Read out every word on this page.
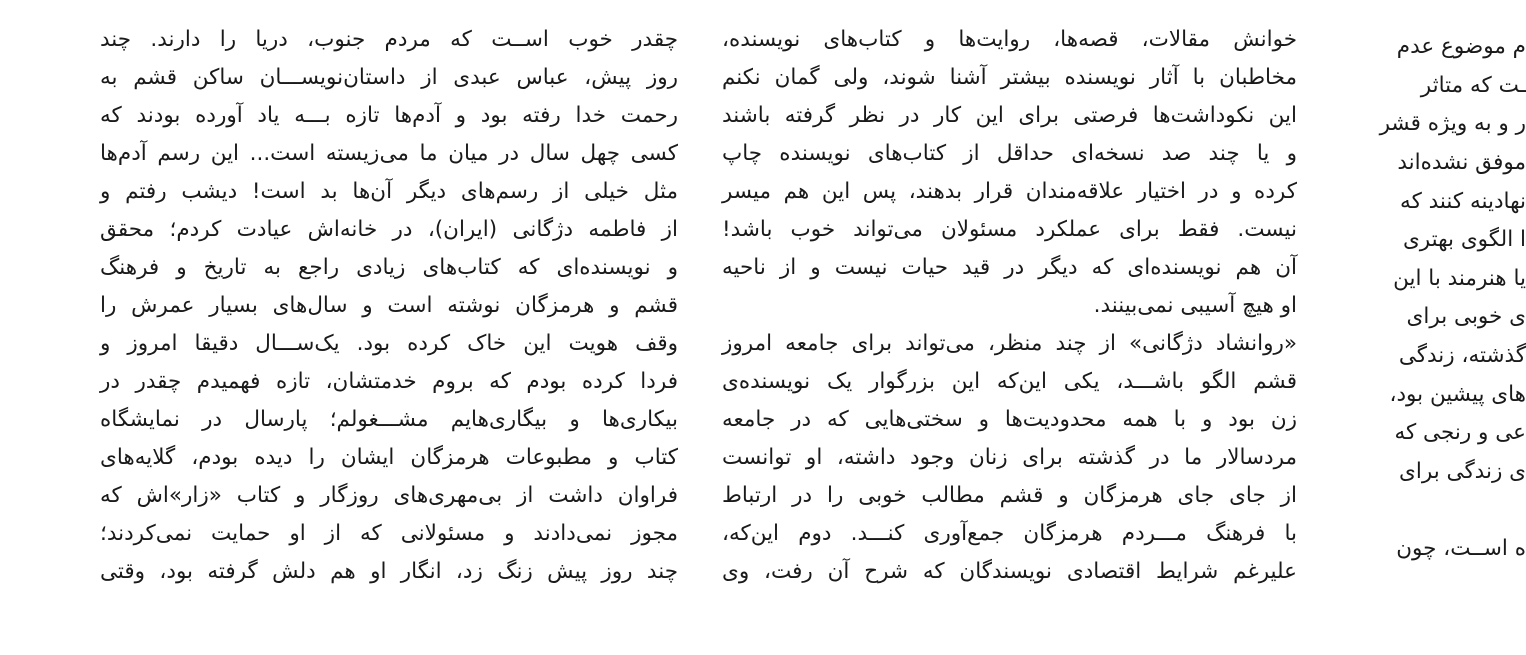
چقدر خوب اســت که مردم جنوب، دریا را دارند. چند
روز پیش، عباس عبدی از داستان‌نویســـان ساکن قشم به
رحمت خدا رفته بود و آدم‌ها تازه بـــه یاد آورده بودند که
کسی چهل سال در میان ما می‌زیسته است... این رسم آدم‌ها
مثل خیلی از رسم‌های دیگر آن‌ها بد است! دیشب رفتم و
از فاطمه دژگانی (ایران)، در خانه‌اش عیادت کردم؛ محقق
و نویسنده‌ای که کتاب‌های زیادی راجع به تاریخ و فرهنگ
قشم و هرمزگان نوشته است و سال‌های بسیار عمرش را
وقف هویت این خاک کرده بود. یک‌ســـال دقیقا امروز و
فردا کرده بودم که بروم خدمتشان، تازه فهمیدم چقدر در
بیکاری‌ها و بیگاری‌هایم مشـــغولم؛ پارسال در نمایشگاه
کتاب و مطبوعات هرمزگان ایشان را دیده بودم، گلایه‌های
فراوان داشت از بی‌مهری‌های روزگار و کتاب «زار»اش که
مجوز نمی‌دادند و مسئولانی که از او حمایت نمی‌کردند؛
چند روز پیش زنگ زد، انگار او هم دلش گرفته بود، وقتی
خوانش مقالات، قصه‌ها، روایت‌ها و کتاب‌های نویسنده،
مخاطبان با آثار نویسنده بیشتر آشنا شوند، ولی گمان نکنم
این نکوداشت‌ها فرصتی برای این کار در نظر گرفته باشند
و یا چند صد نسخه‌ای حداقل از کتاب‌های نویسنده چاپ
کرده و در اختیار علاقه‌مندان قرار بدهند، پس این هم میسر
نیست. فقط برای عملکرد مسئولان می‌تواند خوب باشد!
آن هم نویسنده‌ای که دیگر در قید حیات نیست و از ناحیه
او هیچ آسیبی نمی‌بینند.
«روانشاد دژگانی» از چند منظر، می‌تواند برای جامعه امروز
قشم الگو باشـــد، یکی این‌که این بزرگوار یک نویسنده‌ی
زن بود و با همه محدودیت‌ها و سختی‌هایی که در جامعه
مردسالار ما در گذشته برای زنان وجود داشته، او توانست
از جای جای هرمزگان و قشم مطالب خوبی را در ارتباط
با فرهنگ مـــردم هرمزگان جمع‌آوری کنـــد. دوم این‌که،
علیرغم شرایط اقتصادی نویسندگان که شرح آن رفت، وی
م موضوع عدم
ـت که متاثر
ر و به ویژه قشر
موفق نشده‌اند
نهادینه کنند که
ا الگوی بهتری
یا هنرمند با این
ی خوبی برای
گذشته، زندگی
های پیشین بود،
عی و رنجی که
ی زندگی برای
ه اســت، چون
